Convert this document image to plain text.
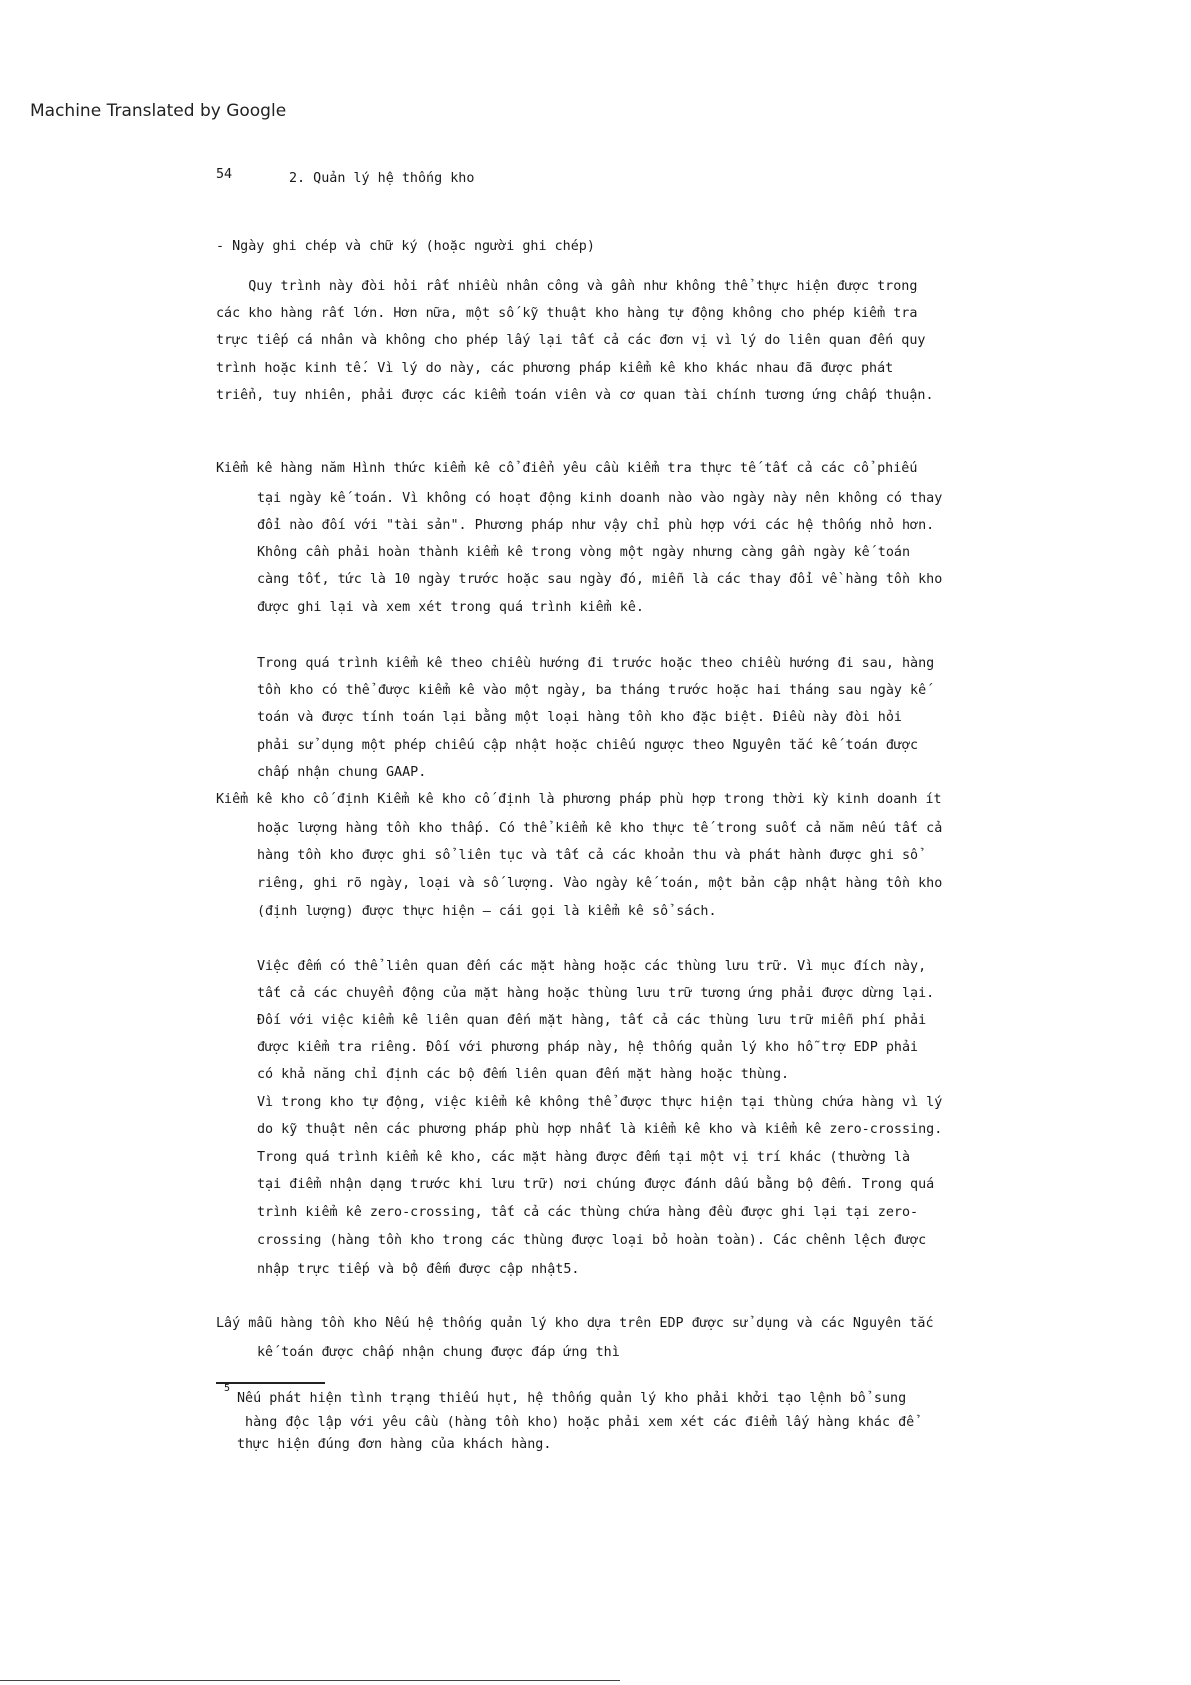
Machine Translated by Google
54	2. Quản lý hệ thống kho
- Ngày ghi chép và chữ ký (hoặc người ghi chép)
Quy trình này đòi hỏi rất nhiều nhân công và gần như không thể thực hiện được trong
các kho hàng rất lớn. Hơn nữa, một số kỹ thuật kho hàng tự động không cho phép kiểm tra
trực tiếp cá nhân và không cho phép lấy lại tất cả các đơn vị vì lý do liên quan đến quy
trình hoặc kinh tế. Vì lý do này, các phương pháp kiểm kê kho khác nhau đã được phát
triển, tuy nhiên, phải được các kiểm toán viên và cơ quan tài chính tương ứng chấp thuận.
Kiểm kê hàng năm Hình thức kiểm kê cổ điển yêu cầu kiểm tra thực tế tất cả các cổ phiếu
tại ngày kế toán. Vì không có hoạt động kinh doanh nào vào ngày này nên không có thay
đổi nào đối với "tài sản". Phương pháp như vậy chỉ phù hợp với các hệ thống nhỏ hơn.
Không cần phải hoàn thành kiểm kê trong vòng một ngày nhưng càng gần ngày kế toán
càng tốt, tức là 10 ngày trước hoặc sau ngày đó, miễn là các thay đổi về hàng tồn kho
được ghi lại và xem xét trong quá trình kiểm kê.
Trong quá trình kiểm kê theo chiều hướng đi trước hoặc theo chiều hướng đi sau, hàng
tồn kho có thể được kiểm kê vào một ngày, ba tháng trước hoặc hai tháng sau ngày kế
toán và được tính toán lại bằng một loại hàng tồn kho đặc biệt. Điều này đòi hỏi
phải sử dụng một phép chiếu cập nhật hoặc chiếu ngược theo Nguyên tắc kế toán được
chấp nhận chung GAAP.
Kiểm kê kho cố định Kiểm kê kho cố định là phương pháp phù hợp trong thời kỳ kinh doanh ít
hoặc lượng hàng tồn kho thấp. Có thể kiểm kê kho thực tế trong suốt cả năm nếu tất cả
hàng tồn kho được ghi sổ liên tục và tất cả các khoản thu và phát hành được ghi sổ
riêng, ghi rõ ngày, loại và số lượng. Vào ngày kế toán, một bản cập nhật hàng tồn kho
(định lượng) được thực hiện – cái gọi là kiểm kê sổ sách.
Việc đếm có thể liên quan đến các mặt hàng hoặc các thùng lưu trữ. Vì mục đích này,
tất cả các chuyển động của mặt hàng hoặc thùng lưu trữ tương ứng phải được dừng lại.
Đối với việc kiểm kê liên quan đến mặt hàng, tất cả các thùng lưu trữ miễn phí phải
được kiểm tra riêng. Đối với phương pháp này, hệ thống quản lý kho hỗ trợ EDP phải
có khả năng chỉ định các bộ đếm liên quan đến mặt hàng hoặc thùng.
Vì trong kho tự động, việc kiểm kê không thể được thực hiện tại thùng chứa hàng vì lý
do kỹ thuật nên các phương pháp phù hợp nhất là kiểm kê kho và kiểm kê zero-crossing.
Trong quá trình kiểm kê kho, các mặt hàng được đếm tại một vị trí khác (thường là
tại điểm nhận dạng trước khi lưu trữ) nơi chúng được đánh dấu bằng bộ đếm. Trong quá
trình kiểm kê zero-crossing, tất cả các thùng chứa hàng đều được ghi lại tại zero-
crossing (hàng tồn kho trong các thùng được loại bỏ hoàn toàn). Các chênh lệch được
nhập trực tiếp và bộ đếm được cập nhật5.
Lấy mẫu hàng tồn kho Nếu hệ thống quản lý kho dựa trên EDP được sử dụng và các Nguyên tắc
kế toán được chấp nhận chung được đáp ứng thì
5
Nếu phát hiện tình trạng thiếu hụt, hệ thống quản lý kho phải khởi tạo lệnh bổ sung
hàng độc lập với yêu cầu (hàng tồn kho) hoặc phải xem xét các điểm lấy hàng khác để
thực hiện đúng đơn hàng của khách hàng.
